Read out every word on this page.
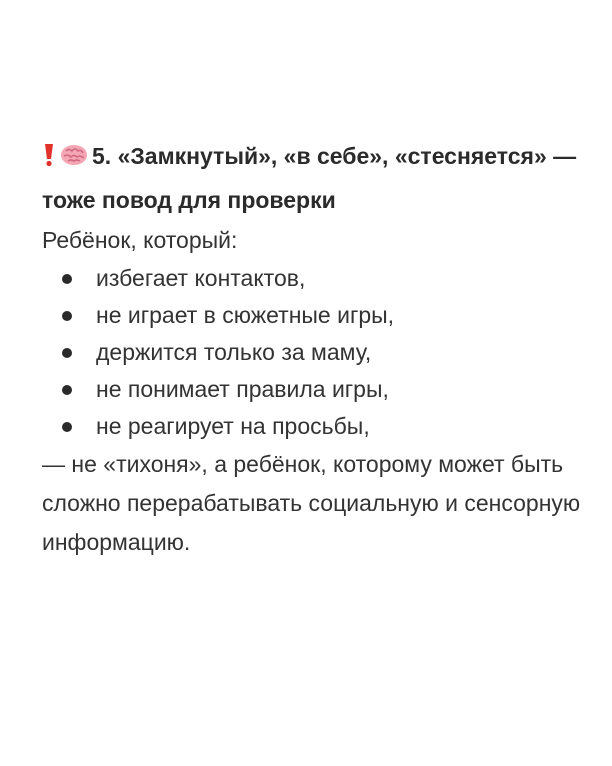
5. «Замкнутый», «в себе», «стесняется» — тоже повод для проверки

Ребёнок, который:

избегает контактов,
не играет в сюжетные игры,
держится только за маму,
не понимает правила игры,
не реагирует на просьбы,

— не «тихоня», а ребёнок, которому может быть сложно перерабатывать социальную и сенсорную информацию.
